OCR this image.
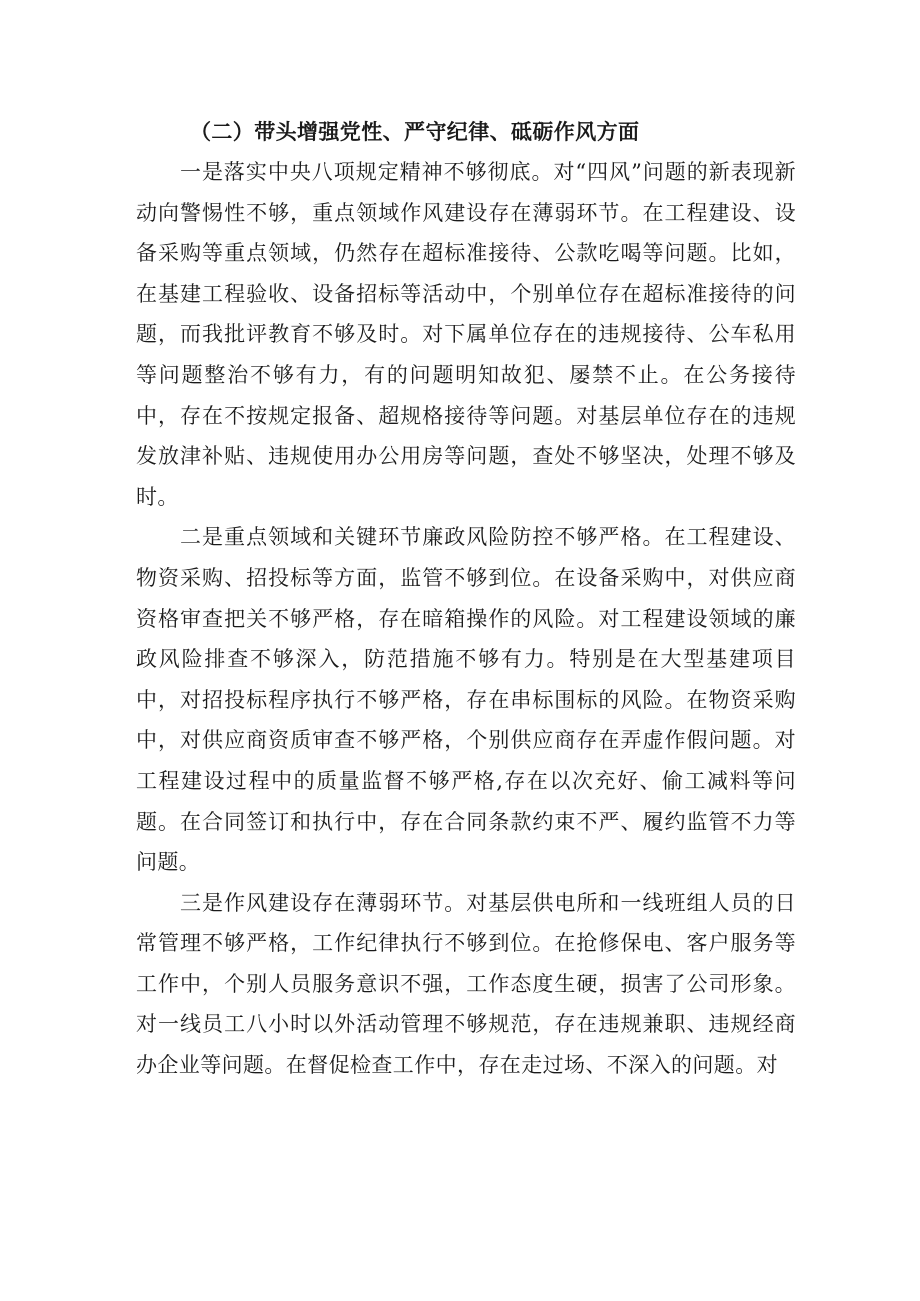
（二）带头增强党性、严守纪律、砥砺作风方面

一是落实中央八项规定精神不够彻底。对“四风”问题的新表现新动向警惕性不够，重点领域作风建设存在薄弱环节。在工程建设、设备采购等重点领域，仍然存在超标准接待、公款吃喝等问题。比如，在基建工程验收、设备招标等活动中，个别单位存在超标准接待的问题，而我批评教育不够及时。对下属单位存在的违规接待、公车私用等问题整治不够有力，有的问题明知故犯、屡禁不止。在公务接待中，存在不按规定报备、超规格接待等问题。对基层单位存在的违规发放津补贴、违规使用办公用房等问题，查处不够坚决，处理不够及时。

二是重点领域和关键环节廉政风险防控不够严格。在工程建设、物资采购、招投标等方面，监管不够到位。在设备采购中，对供应商资格审查把关不够严格，存在暗箱操作的风险。对工程建设领域的廉政风险排查不够深入，防范措施不够有力。特别是在大型基建项目中，对招投标程序执行不够严格，存在串标围标的风险。在物资采购中，对供应商资质审查不够严格，个别供应商存在弄虚作假问题。对工程建设过程中的质量监督不够严格,存在以次充好、偷工减料等问题。在合同签订和执行中，存在合同条款约束不严、履约监管不力等问题。

三是作风建设存在薄弱环节。对基层供电所和一线班组人员的日常管理不够严格，工作纪律执行不够到位。在抢修保电、客户服务等工作中，个别人员服务意识不强，工作态度生硬，损害了公司形象。对一线员工八小时以外活动管理不够规范，存在违规兼职、违规经商办企业等问题。在督促检查工作中，存在走过场、不深入的问题。对
